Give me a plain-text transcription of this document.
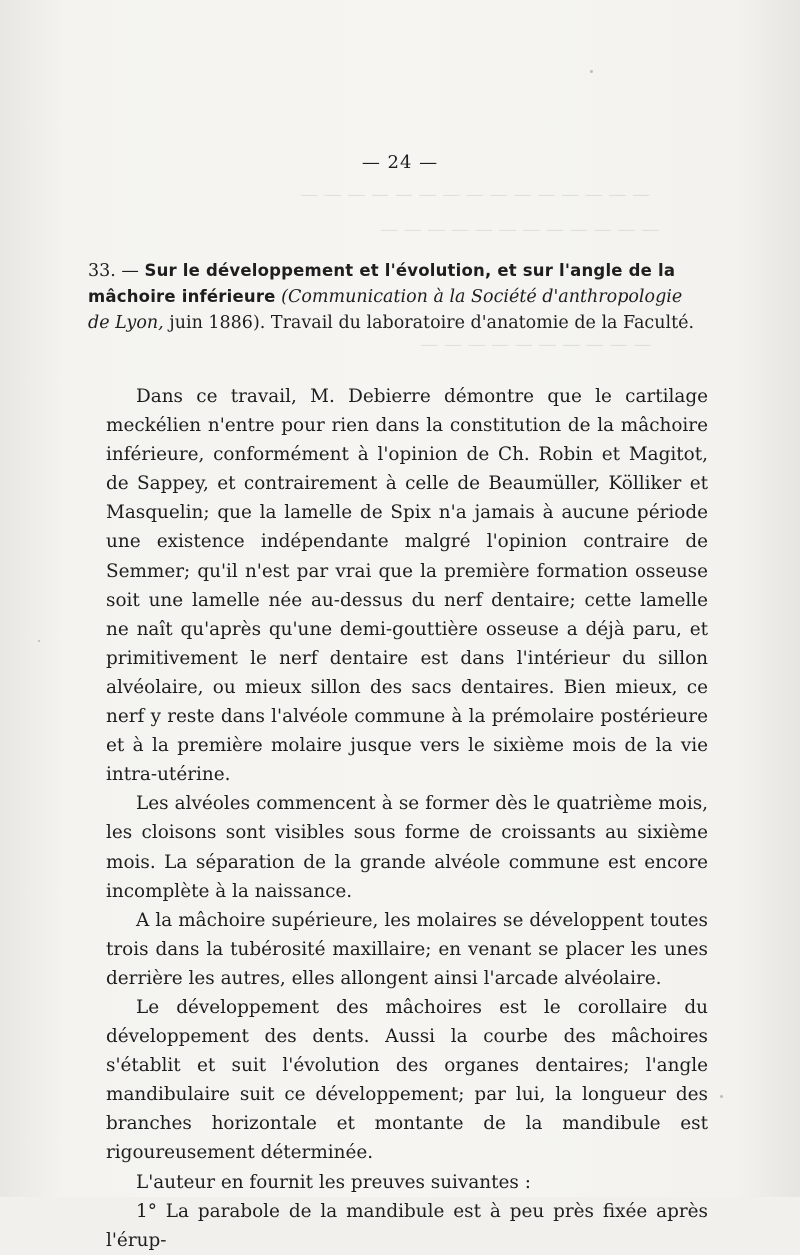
— — — — — — — — — — — — — — —
— — — — — — — — — — — —
— — — — — — — — — —
— 24 —
33. — Sur le développement et l'évolution, et sur l'angle de la mâchoire inférieure (Communication à la Société d'anthropologie de Lyon, juin 1886). Travail du laboratoire d'anatomie de la Faculté.

Dans ce travail, M. Debierre démontre que le cartilage meckélien n'entre pour rien dans la constitution de la mâchoire inférieure, conformément à l'opinion de Ch. Robin et Magitot, de Sappey, et contrairement à celle de Beaumüller, Kölliker et Masquelin; que la lamelle de Spix n'a jamais à aucune période une existence indépendante malgré l'opinion contraire de Semmer; qu'il n'est par vrai que la première formation osseuse soit une lamelle née au-dessus du nerf dentaire; cette lamelle ne naît qu'après qu'une demi-gouttière osseuse a déjà paru, et primitivement le nerf dentaire est dans l'intérieur du sillon alvéolaire, ou mieux sillon des sacs dentaires. Bien mieux, ce nerf y reste dans l'alvéole commune à la prémolaire postérieure et à la première molaire jusque vers le sixième mois de la vie intra-utérine.

Les alvéoles commencent à se former dès le quatrième mois, les cloisons sont visibles sous forme de croissants au sixième mois. La séparation de la grande alvéole commune est encore incomplète à la naissance.

A la mâchoire supérieure, les molaires se développent toutes trois dans la tubérosité maxillaire; en venant se placer les unes derrière les autres, elles allongent ainsi l'arcade alvéolaire.

Le développement des mâchoires est le corollaire du développement des dents. Aussi la courbe des mâchoires s'établit et suit l'évolution des organes dentaires; l'angle mandibulaire suit ce développement; par lui, la longueur des branches horizontale et montante de la mandibule est rigoureusement déterminée.

L'auteur en fournit les preuves suivantes :

1° La parabole de la mandibule est à peu près fixée après l'érup-
